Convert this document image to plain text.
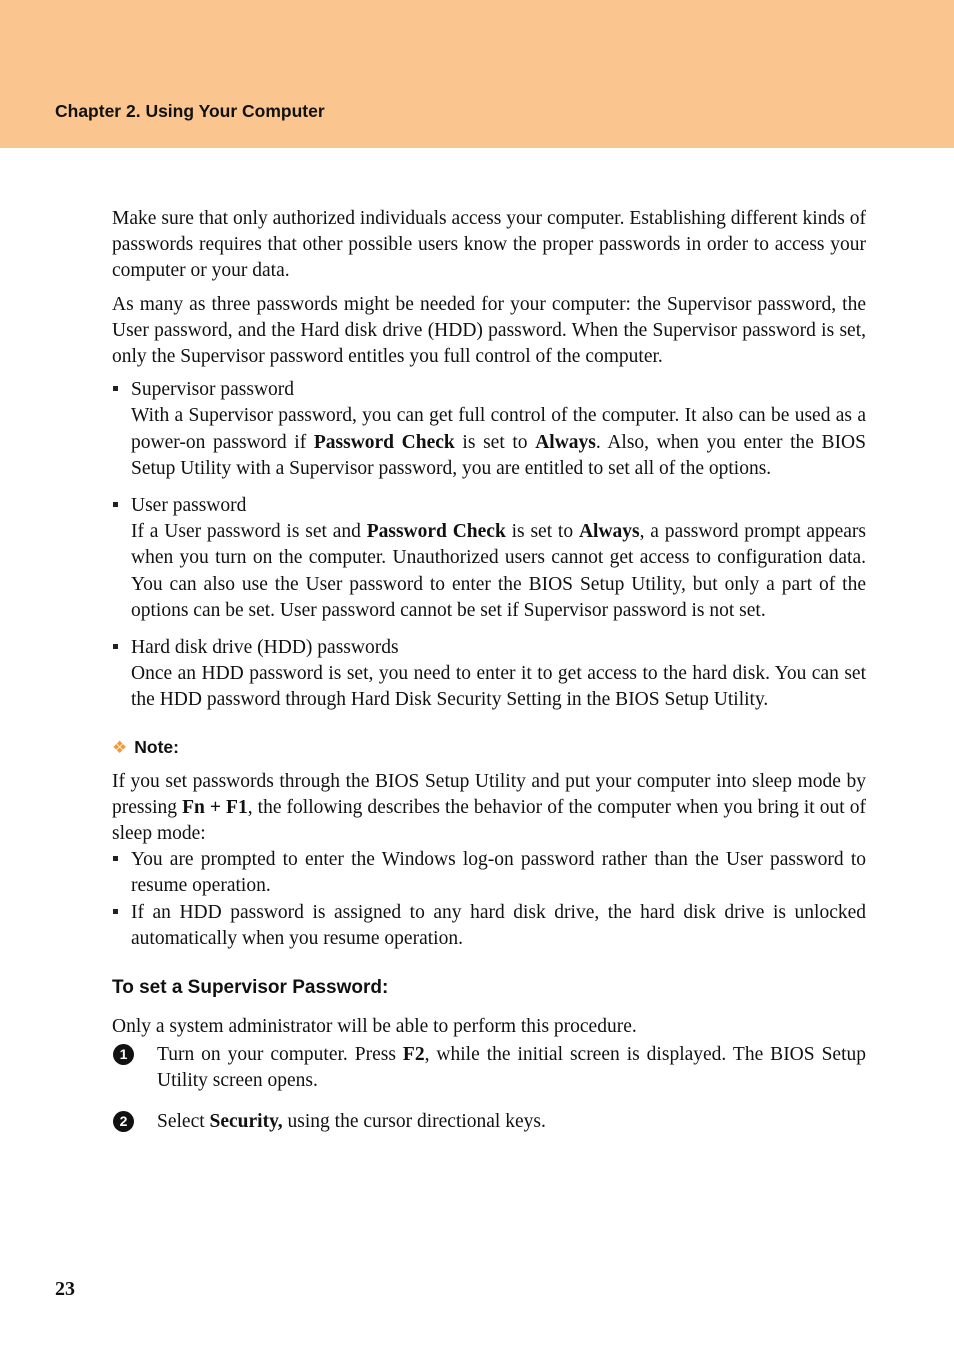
Chapter 2. Using Your Computer

Make sure that only authorized individuals access your computer. Establishing different kinds of passwords requires that other possible users know the proper passwords in order to access your computer or your data.

As many as three passwords might be needed for your computer: the Supervisor password, the User password, and the Hard disk drive (HDD) password. When the Supervisor password is set, only the Supervisor password entitles you full control of the computer.

Supervisor password
With a Supervisor password, you can get full control of the computer. It also can be used as a power-on password if Password Check is set to Always. Also, when you enter the BIOS Setup Utility with a Supervisor password, you are entitled to set all of the options.
User password
If a User password is set and Password Check is set to Always, a password prompt appears when you turn on the computer. Unauthorized users cannot get access to configuration data. You can also use the User password to enter the BIOS Setup Utility, but only a part of the options can be set. User password cannot be set if Supervisor password is not set.
Hard disk drive (HDD) passwords
Once an HDD password is set, you need to enter it to get access to the hard disk. You can set the HDD password through Hard Disk Security Setting in the BIOS Setup Utility.
❖ Note:

If you set passwords through the BIOS Setup Utility and put your computer into sleep mode by pressing Fn + F1, the following describes the behavior of the computer when you bring it out of sleep mode:

You are prompted to enter the Windows log-on password rather than the User password to resume operation.
If an HDD password is assigned to any hard disk drive, the hard disk drive is unlocked automatically when you resume operation.
To set a Supervisor Password:

Only a system administrator will be able to perform this procedure.

1	Turn on your computer. Press F2, while the initial screen is displayed. The BIOS Setup Utility screen opens.
2	Select Security, using the cursor directional keys.
23
